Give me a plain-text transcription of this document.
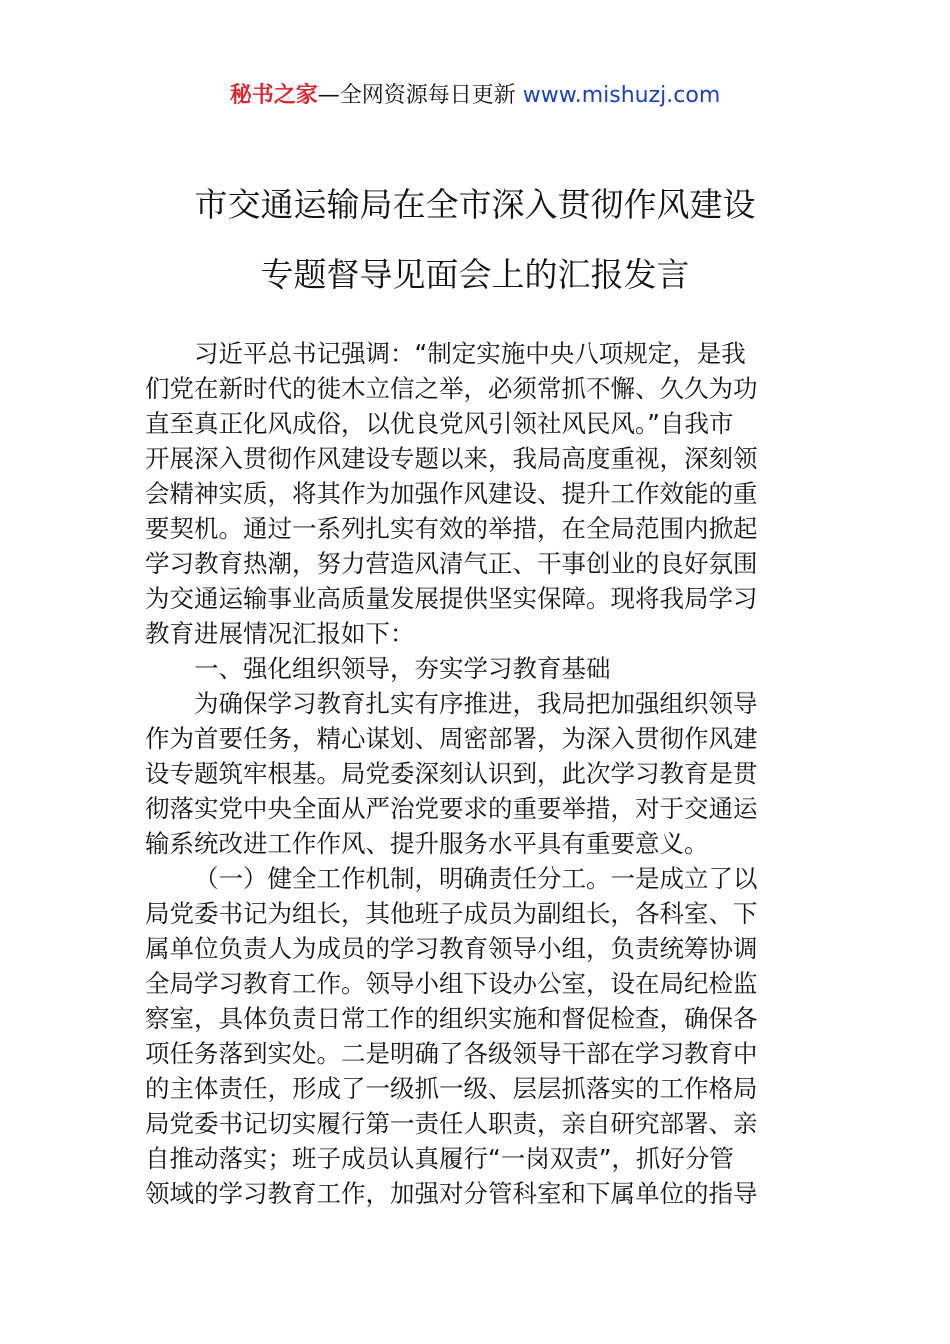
秘书之家—全网资源每日更新 www.mishuzj.com
市交通运输局在全市深入贯彻作风建设
专题督导见面会上的汇报发言
习近平总书记强调：“制定实施中央八项规定，是我
们党在新时代的徙木立信之举，必须常抓不懈、久久为功
直至真正化风成俗，以优良党风引领社风民风。”自我市
开展深入贯彻作风建设专题以来，我局高度重视，深刻领
会精神实质，将其作为加强作风建设、提升工作效能的重
要契机。通过一系列扎实有效的举措，在全局范围内掀起
学习教育热潮，努力营造风清气正、干事创业的良好氛围
为交通运输事业高质量发展提供坚实保障。现将我局学习
教育进展情况汇报如下：
一、强化组织领导，夯实学习教育基础
为确保学习教育扎实有序推进，我局把加强组织领导
作为首要任务，精心谋划、周密部署，为深入贯彻作风建
设专题筑牢根基。局党委深刻认识到，此次学习教育是贯
彻落实党中央全面从严治党要求的重要举措，对于交通运
输系统改进工作作风、提升服务水平具有重要意义。
（一）健全工作机制，明确责任分工。一是成立了以
局党委书记为组长，其他班子成员为副组长，各科室、下
属单位负责人为成员的学习教育领导小组，负责统筹协调
全局学习教育工作。领导小组下设办公室，设在局纪检监
察室，具体负责日常工作的组织实施和督促检查，确保各
项任务落到实处。二是明确了各级领导干部在学习教育中
的主体责任，形成了一级抓一级、层层抓落实的工作格局
局党委书记切实履行第一责任人职责，亲自研究部署、亲
自推动落实；班子成员认真履行“一岗双责”，抓好分管
领域的学习教育工作，加强对分管科室和下属单位的指导
